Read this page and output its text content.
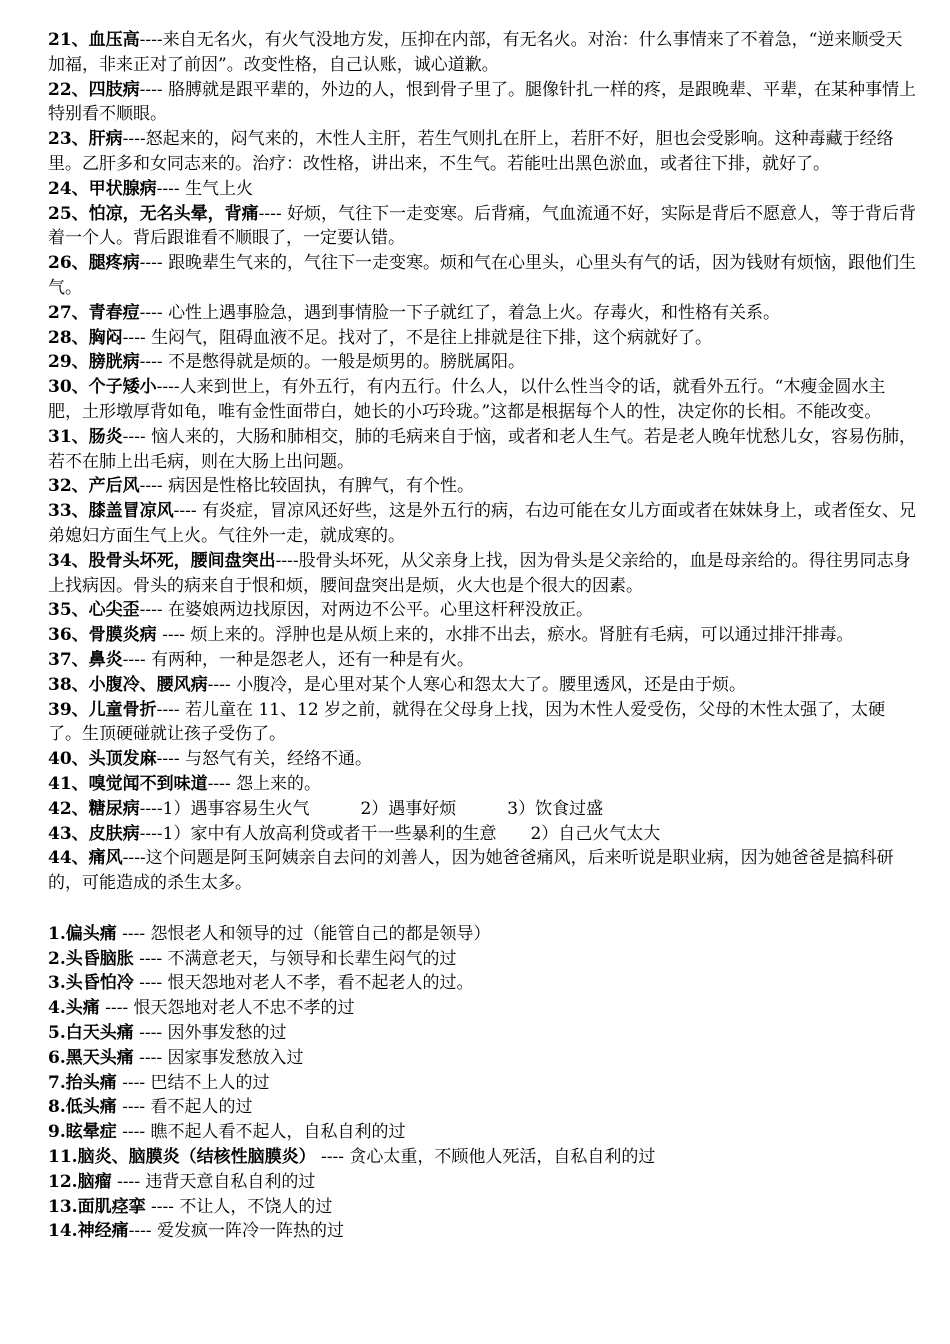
21、血压高----来自无名火，有火气没地方发，压抑在内部，有无名火。对治：什么事情来了不着急，“逆来顺受天加福，非来正对了前因”。改变性格，自己认账，诚心道歉。

22、四肢病---- 胳膊就是跟平辈的，外边的人，恨到骨子里了。腿像针扎一样的疼，是跟晚辈、平辈，在某种事情上特别看不顺眼。

23、肝病----怒起来的，闷气来的，木性人主肝，若生气则扎在肝上，若肝不好，胆也会受影响。这种毒藏于经络里。乙肝多和女同志来的。治疗：改性格，讲出来，不生气。若能吐出黑色淤血，或者往下排，就好了。

24、甲状腺病---- 生气上火

25、怕凉，无名头晕，背痛---- 好烦，气往下一走变寒。后背痛，气血流通不好，实际是背后不愿意人，等于背后背着一个人。背后跟谁看不顺眼了，一定要认错。

26、腿疼病---- 跟晚辈生气来的，气往下一走变寒。烦和气在心里头，心里头有气的话，因为钱财有烦恼，跟他们生气。

27、青春痘---- 心性上遇事脸急，遇到事情脸一下子就红了，着急上火。存毒火，和性格有关系。

28、胸闷---- 生闷气，阻碍血液不足。找对了，不是往上排就是往下排，这个病就好了。

29、膀胱病---- 不是憋得就是烦的。一般是烦男的。膀胱属阳。

30、个子矮小----人来到世上，有外五行，有内五行。什么人，以什么性当令的话，就看外五行。“木瘦金圆水主肥，土形墩厚背如龟，唯有金性面带白，她长的小巧玲珑。”这都是根据每个人的性，决定你的长相。不能改变。

31、肠炎---- 恼人来的，大肠和肺相交，肺的毛病来自于恼，或者和老人生气。若是老人晚年忧愁儿女，容易伤肺，若不在肺上出毛病，则在大肠上出问题。

32、产后风---- 病因是性格比较固执，有脾气，有个性。

33、膝盖冒凉风---- 有炎症，冒凉风还好些，这是外五行的病，右边可能在女儿方面或者在妹妹身上，或者侄女、兄弟媳妇方面生气上火。气往外一走，就成寒的。

34、股骨头坏死，腰间盘突出----股骨头坏死，从父亲身上找，因为骨头是父亲给的，血是母亲给的。得往男同志身上找病因。骨头的病来自于恨和烦，腰间盘突出是烦，火大也是个很大的因素。

35、心尖歪---- 在婆娘两边找原因，对两边不公平。心里这杆秤没放正。

36、骨膜炎病 ---- 烦上来的。浮肿也是从烦上来的，水排不出去，瘀水。肾脏有毛病，可以通过排汗排毒。

37、鼻炎---- 有两种，一种是怨老人，还有一种是有火。

38、小腹冷、腰风病---- 小腹冷，是心里对某个人寒心和怨太大了。腰里透风，还是由于烦。

39、儿童骨折---- 若儿童在 11、12 岁之前，就得在父母身上找，因为木性人爱受伤，父母的木性太强了，太硬了。生顶硬碰就让孩子受伤了。

40、头顶发麻---- 与怒气有关，经络不通。

41、嗅觉闻不到味道---- 怨上来的。

42、糖尿病----1）遇事容易生火气　　　2）遇事好烦　　　3）饮食过盛

43、皮肤病----1）家中有人放高利贷或者干一些暴利的生意　　2）自己火气太大

44、痛风----这个问题是阿玉阿姨亲自去问的刘善人，因为她爸爸痛风，后来听说是职业病，因为她爸爸是搞科研的，可能造成的杀生太多。

1.偏头痛 ---- 怨恨老人和领导的过（能管自己的都是领导）

2.头昏脑胀 ---- 不满意老天，与领导和长辈生闷气的过

3.头昏怕冷 ---- 恨天怨地对老人不孝，看不起老人的过。

4.头痛 ---- 恨天怨地对老人不忠不孝的过

5.白天头痛 ---- 因外事发愁的过

6.黑天头痛 ---- 因家事发愁放入过

7.抬头痛 ---- 巴结不上人的过

8.低头痛 ---- 看不起人的过

9.眩晕症 ---- 瞧不起人看不起人，自私自利的过

11.脑炎、脑膜炎（结核性脑膜炎） ---- 贪心太重，不顾他人死活，自私自利的过

12.脑瘤 ---- 违背天意自私自利的过

13.面肌痉挛 ---- 不让人，不饶人的过

14.神经痛---- 爱发疯一阵冷一阵热的过
